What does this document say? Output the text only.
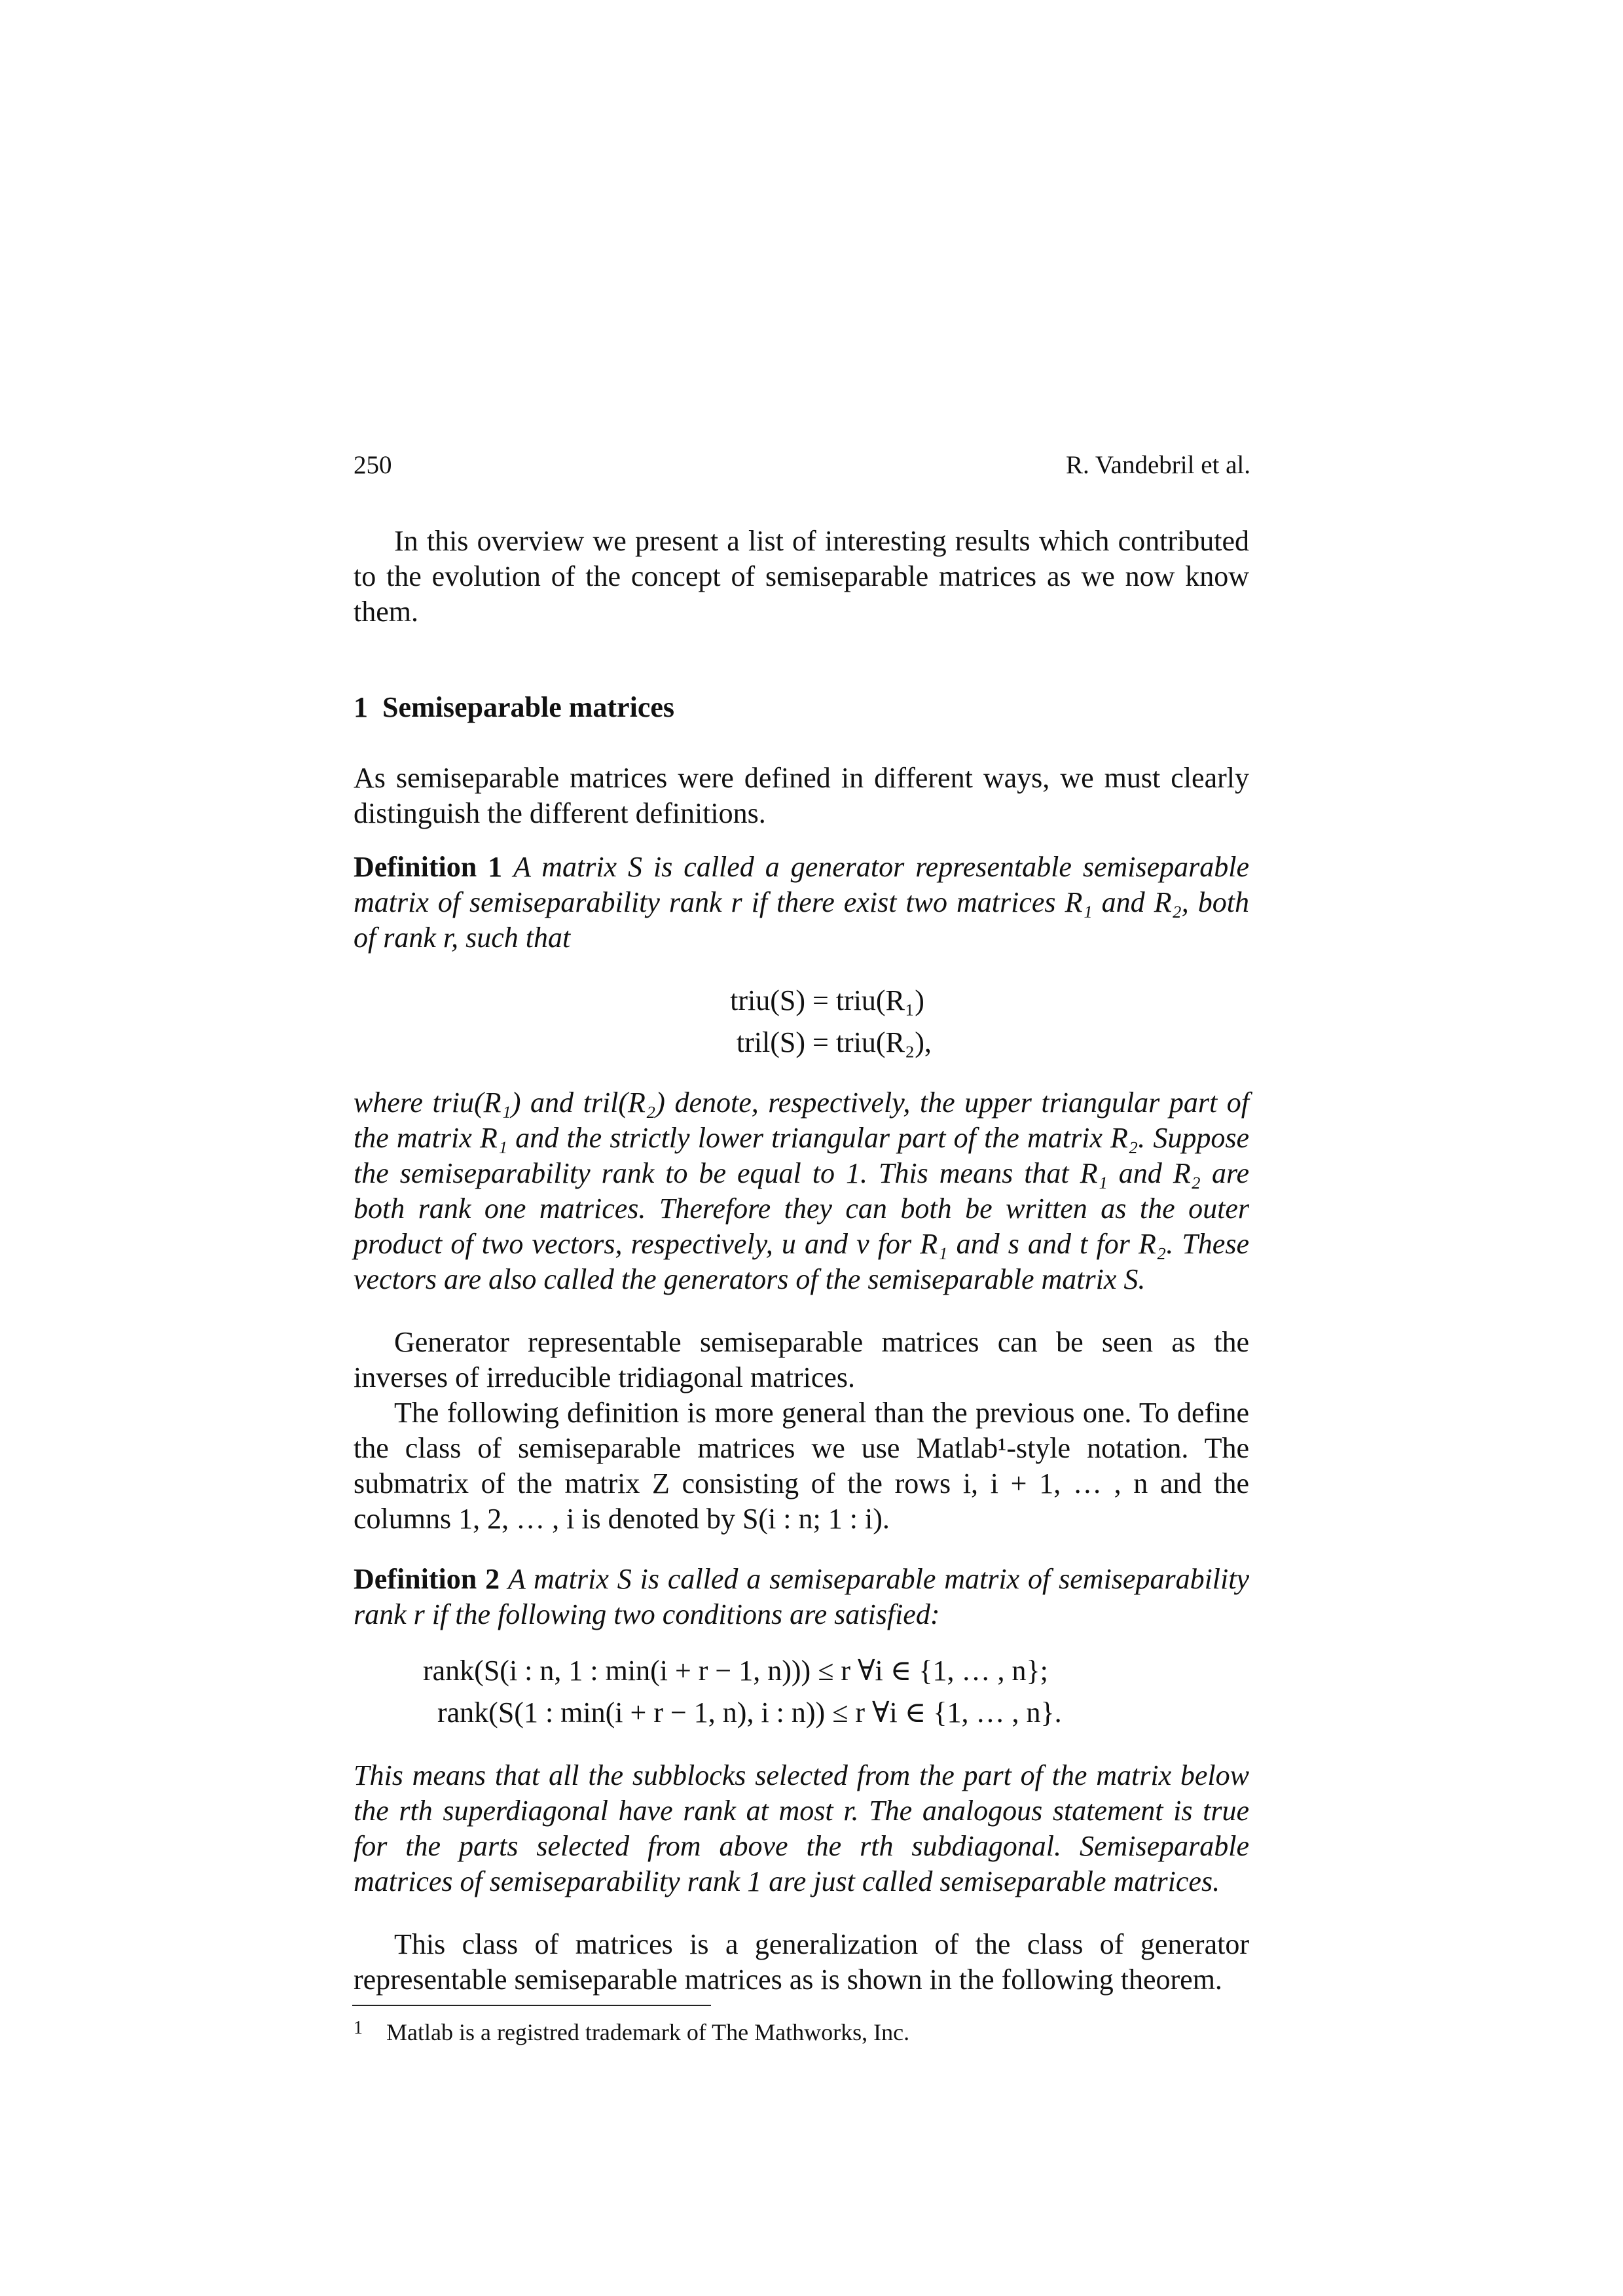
250	R. Vandebril et al.

In this overview we present a list of interesting results which contributed to the evolution of the concept of semiseparable matrices as we now know them.

1 Semiseparable matrices

As semiseparable matrices were defined in different ways, we must clearly distinguish the different definitions.

Definition 1 A matrix S is called a generator representable semiseparable matrix of semiseparability rank r if there exist two matrices R₁ and R₂, both of rank r, such that

triu(S) = triu(R₁)
tril(S) = triu(R₂),

where triu(R₁) and tril(R₂) denote, respectively, the upper triangular part of the matrix R₁ and the strictly lower triangular part of the matrix R₂. Suppose the semiseparability rank to be equal to 1. This means that R₁ and R₂ are both rank one matrices. Therefore they can both be written as the outer product of two vectors, respectively, u and v for R₁ and s and t for R₂. These vectors are also called the generators of the semiseparable matrix S.

Generator representable semiseparable matrices can be seen as the inverses of irreducible tridiagonal matrices.

The following definition is more general than the previous one. To define the class of semiseparable matrices we use Matlab¹-style notation. The submatrix of the matrix Z consisting of the rows i, i + 1, … , n and the columns 1, 2, … , i is denoted by S(i : n; 1 : i).

Definition 2 A matrix S is called a semiseparable matrix of semiseparability rank r if the following two conditions are satisfied:

rank(S(i : n, 1 : min(i + r − 1, n))) ≤ r ∀i ∈ {1, … , n};
rank(S(1 : min(i + r − 1, n), i : n)) ≤ r ∀i ∈ {1, … , n}.

This means that all the subblocks selected from the part of the matrix below the rth superdiagonal have rank at most r. The analogous statement is true for the parts selected from above the rth subdiagonal. Semiseparable matrices of semiseparability rank 1 are just called semiseparable matrices.

This class of matrices is a generalization of the class of generator representable semiseparable matrices as is shown in the following theorem.

1 Matlab is a registred trademark of The Mathworks, Inc.
